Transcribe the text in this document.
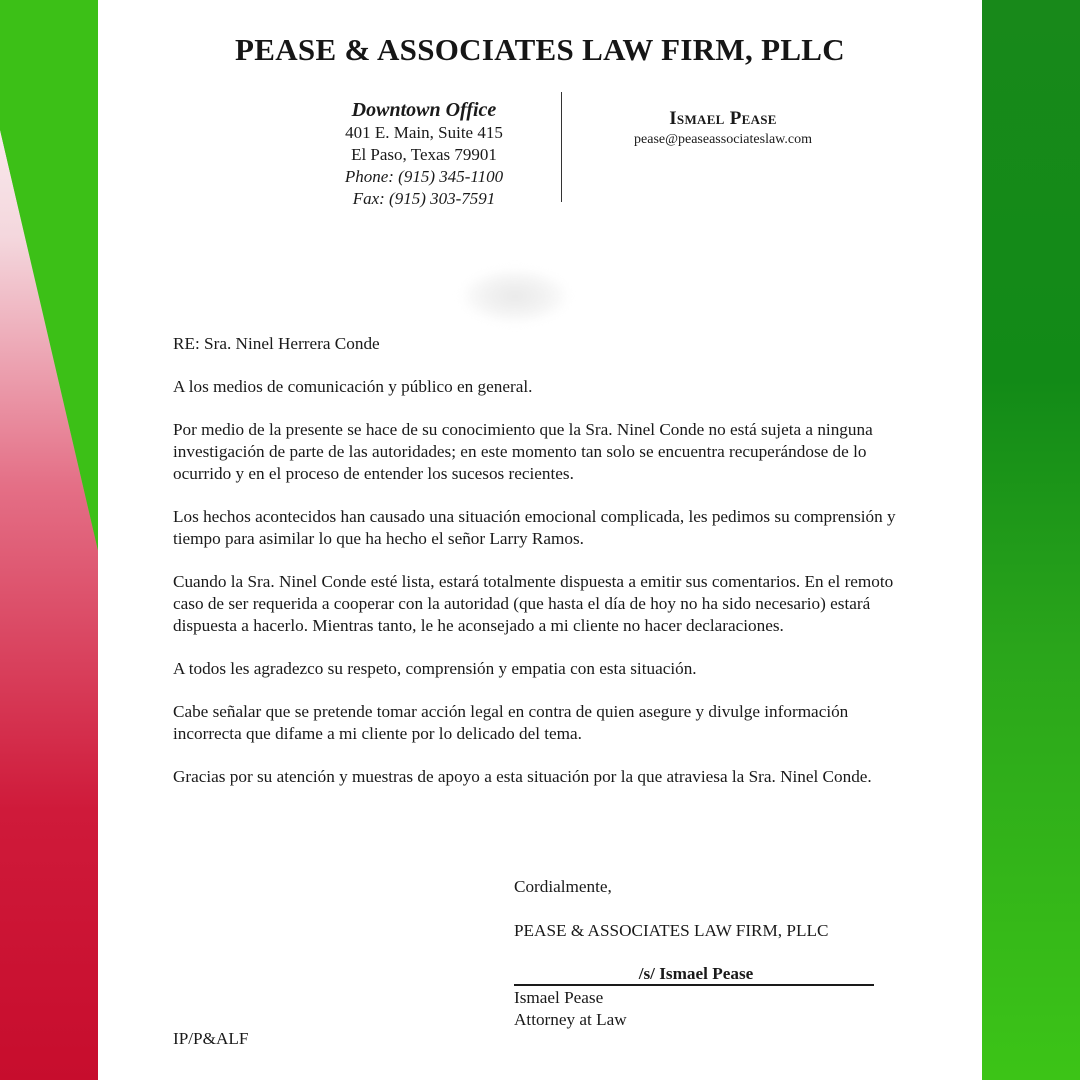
PEASE & ASSOCIATES LAW FIRM, PLLC
Downtown Office
401 E. Main, Suite 415
El Paso, Texas 79901
Phone: (915) 345-1100
Fax: (915) 303-7591
Ismael Pease
pease@peaseassociateslaw.com

RE: Sra. Ninel Herrera Conde

A los medios de comunicación y público en general.

Por medio de la presente se hace de su conocimiento que la Sra. Ninel Conde no está sujeta a ninguna investigación de parte de las autoridades; en este momento tan solo se encuentra recuperándose de lo ocurrido y en el proceso de entender los sucesos recientes.

Los hechos acontecidos han causado una situación emocional complicada, les pedimos su comprensión y tiempo para asimilar lo que ha hecho el señor Larry Ramos.

Cuando la Sra. Ninel Conde esté lista, estará totalmente dispuesta a emitir sus comentarios. En el remoto caso de ser requerida a cooperar con la autoridad (que hasta el día de hoy no ha sido necesario) estará dispuesta a hacerlo. Mientras tanto, le he aconsejado a mi cliente no hacer declaraciones.

A todos les agradezco su respeto, comprensión y empatia con esta situación.

Cabe señalar que se pretende tomar acción legal en contra de quien asegure y divulge información incorrecta que difame a mi cliente por lo delicado del tema.

Gracias por su atención y muestras de apoyo a esta situación por la que atraviesa la Sra. Ninel Conde.

Cordialmente,

PEASE & ASSOCIATES LAW FIRM, PLLC

/s/ Ismael Pease
Ismael Pease
Attorney at Law
IP/P&ALF
